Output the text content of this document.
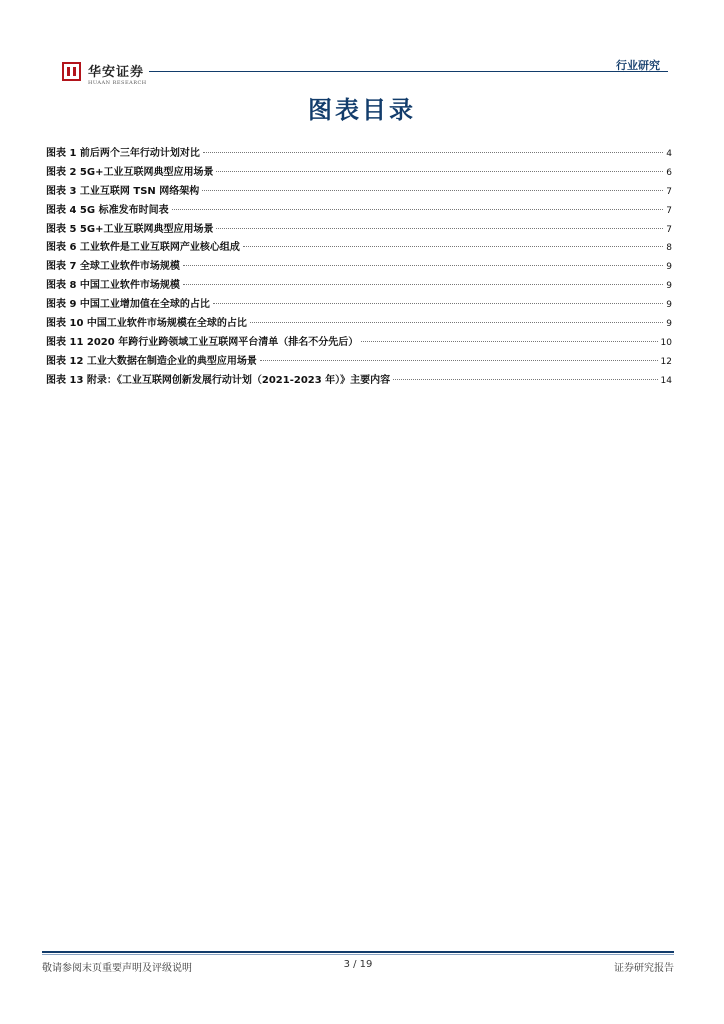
华安证券
HUAAN RESEARCH
行业研究
图表目录
图表 1 前后两个三年行动计划对比	4
图表 2 5G+工业互联网典型应用场景	6
图表 3 工业互联网 TSN 网络架构	7
图表 4 5G 标准发布时间表	7
图表 5 5G+工业互联网典型应用场景	7
图表 6 工业软件是工业互联网产业核心组成	8
图表 7 全球工业软件市场规模	9
图表 8 中国工业软件市场规模	9
图表 9 中国工业增加值在全球的占比	9
图表 10 中国工业软件市场规模在全球的占比	9
图表 11 2020 年跨行业跨领域工业互联网平台清单（排名不分先后）	10
图表 12 工业大数据在制造企业的典型应用场景	12
图表 13 附录：《工业互联网创新发展行动计划（2021-2023 年）》主要内容	14
敬请参阅末页重要声明及评级说明	3 / 19	证券研究报告
